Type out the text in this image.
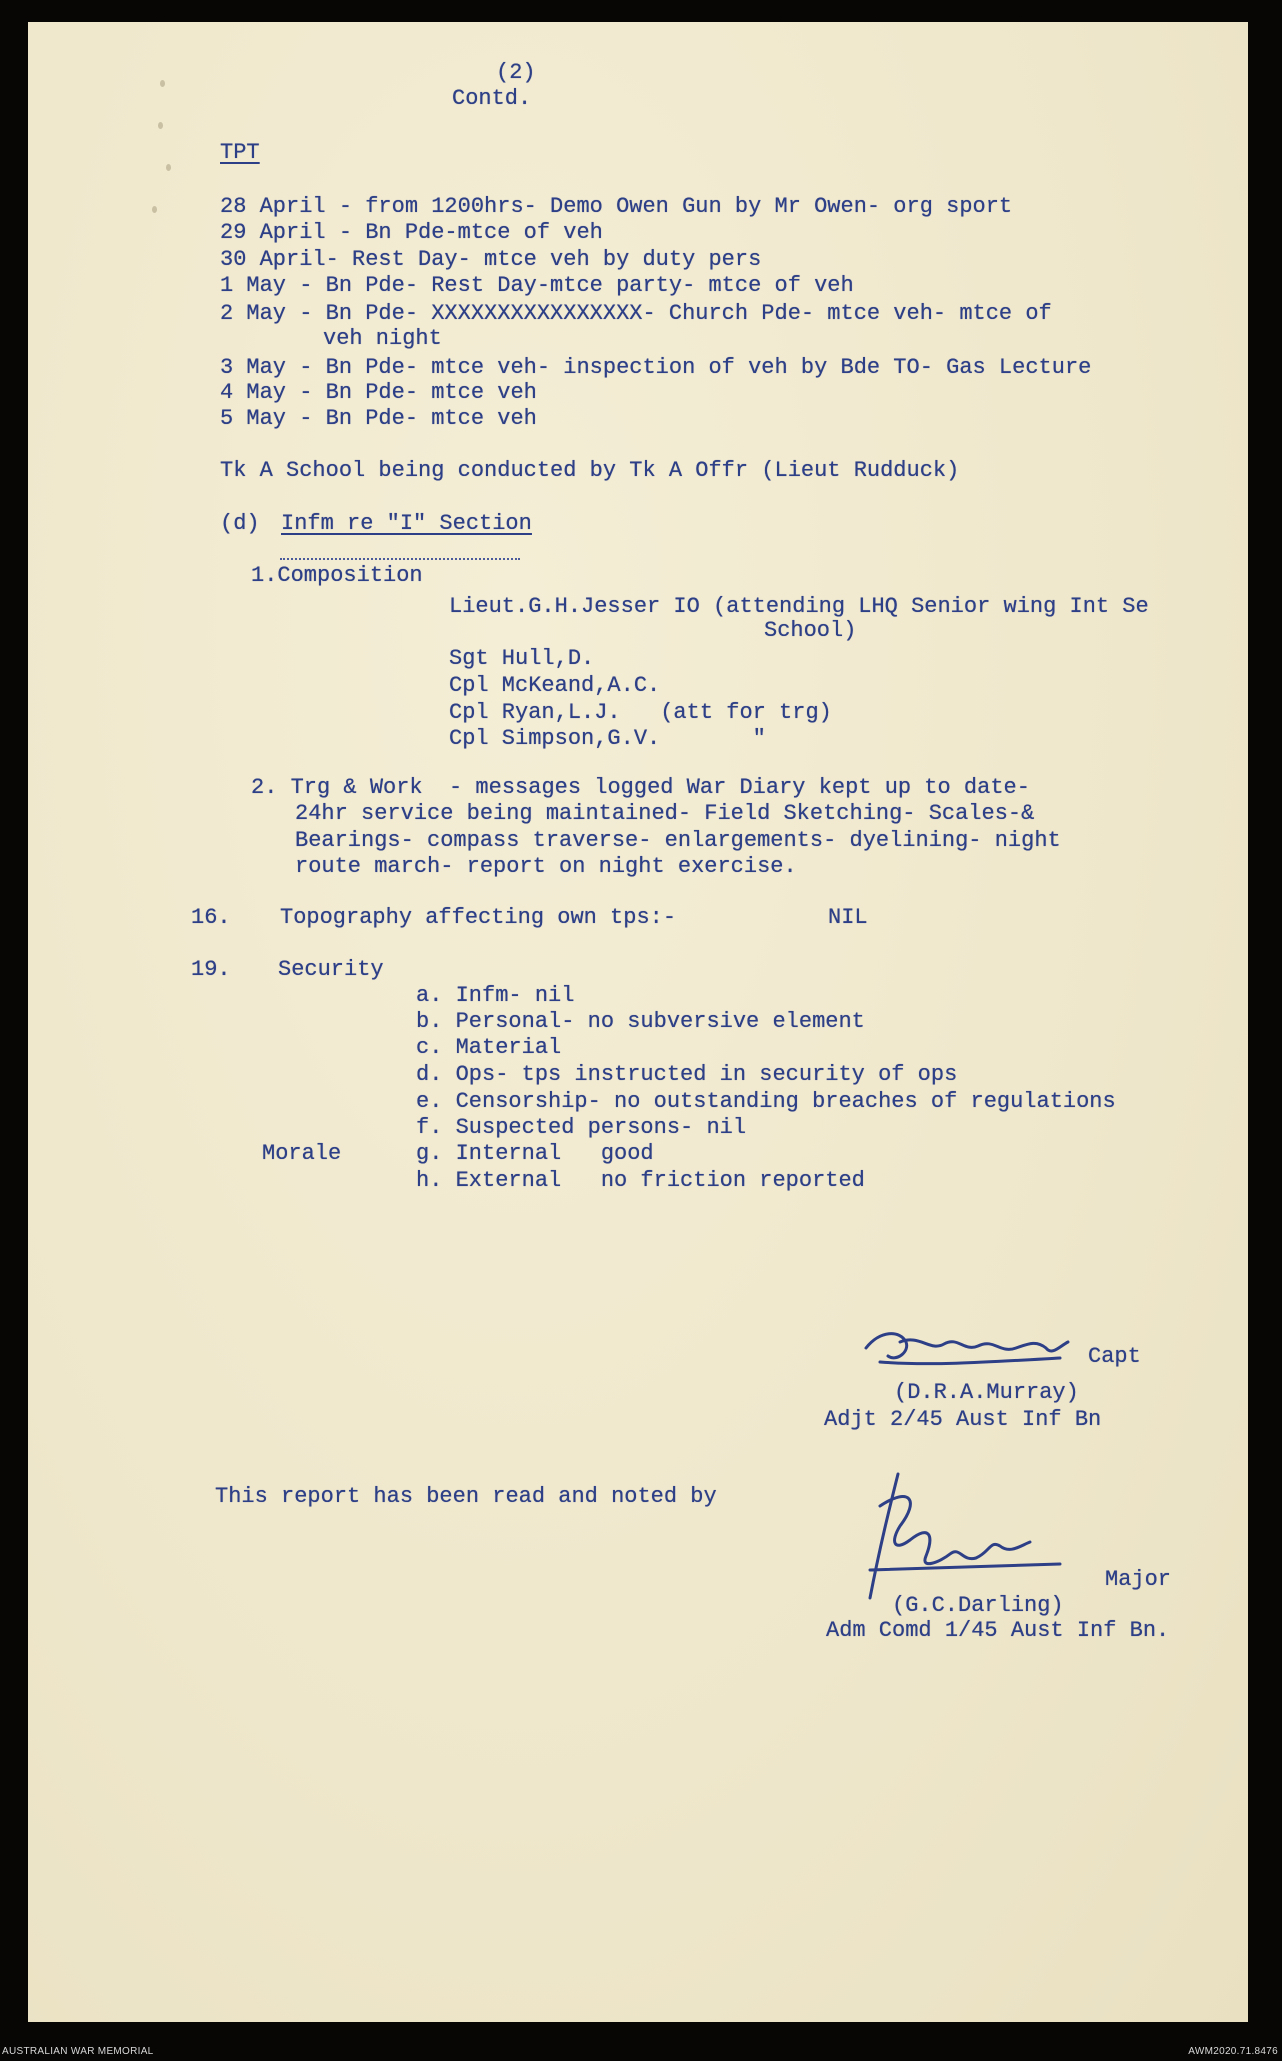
(2)
Contd.
TPT
28 April - from 1200hrs- Demo Owen Gun by Mr Owen- org sport
29 April - Bn Pde-mtce of veh
30 April- Rest Day- mtce veh by duty pers
1 May - Bn Pde- Rest Day-mtce party- mtce of veh
2 May - Bn Pde- XXXXXXXXXXXXXXXX- Church Pde- mtce veh- mtce of
veh night
3 May - Bn Pde- mtce veh- inspection of veh by Bde TO- Gas Lecture
4 May - Bn Pde- mtce veh
5 May - Bn Pde- mtce veh
Tk A School being conducted by Tk A Offr (Lieut Rudduck)
(d) Infm re "I" Section
1.Composition
Lieut.G.H.Jesser IO (attending LHQ Senior wing Int Se
School)
Sgt Hull,D.
Cpl McKeand,A.C.
Cpl Ryan,L.J.   (att for trg)
Cpl Simpson,G.V.       "
2. Trg & Work  - messages logged War Diary kept up to date-
24hr service being maintained- Field Sketching- Scales-&
Bearings- compass traverse- enlargements- dyelining- night
route march- report on night exercise.
16. Topography affecting own tps:-	NIL
19. Security
a. Infm- nil
b. Personal- no subversive element
c. Material
d. Ops- tps instructed in security of ops
e. Censorship- no outstanding breaches of regulations
f. Suspected persons- nil
Morale	g. Internal   good
h. External   no friction reported
Capt
(D.R.A.Murray)
Adjt 2/45 Aust Inf Bn
This report has been read and noted by
Major
(G.C.Darling)
Adm Comd 1/45 Aust Inf Bn.
AUSTRALIAN WAR MEMORIAL	AWM2020.71.8476
